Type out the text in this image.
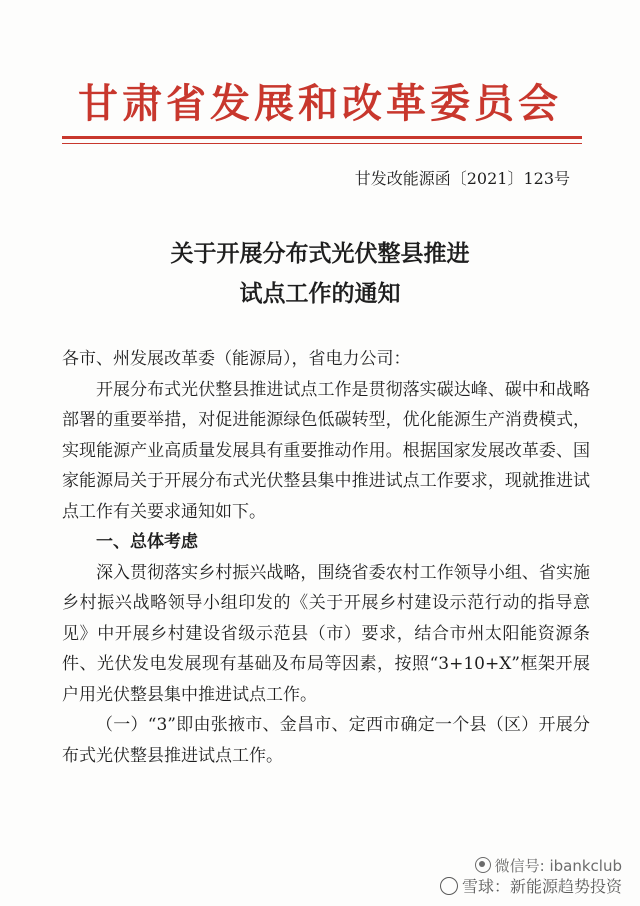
甘肃省发展和改革委员会
甘发改能源函〔2021〕123号
关于开展分布式光伏整县推进
试点工作的通知

各市、州发展改革委（能源局），省电力公司：

开展分布式光伏整县推进试点工作是贯彻落实碳达峰、碳中和战略部署的重要举措，对促进能源绿色低碳转型，优化能源生产消费模式，实现能源产业高质量发展具有重要推动作用。根据国家发展改革委、国家能源局关于开展分布式光伏整县集中推进试点工作要求，现就推进试点工作有关要求通知如下。

一、总体考虑

深入贯彻落实乡村振兴战略，围绕省委农村工作领导小组、省实施乡村振兴战略领导小组印发的《关于开展乡村建设示范行动的指导意见》中开展乡村建设省级示范县（市）要求，结合市州太阳能资源条件、光伏发电发展现有基础及布局等因素，按照“3+10+X”框架开展户用光伏整县集中推进试点工作。

（一）“3”即由张掖市、金昌市、定西市确定一个县（区）开展分布式光伏整县推进试点工作。

微信号: ibankclub
雪球：新能源趋势投资
